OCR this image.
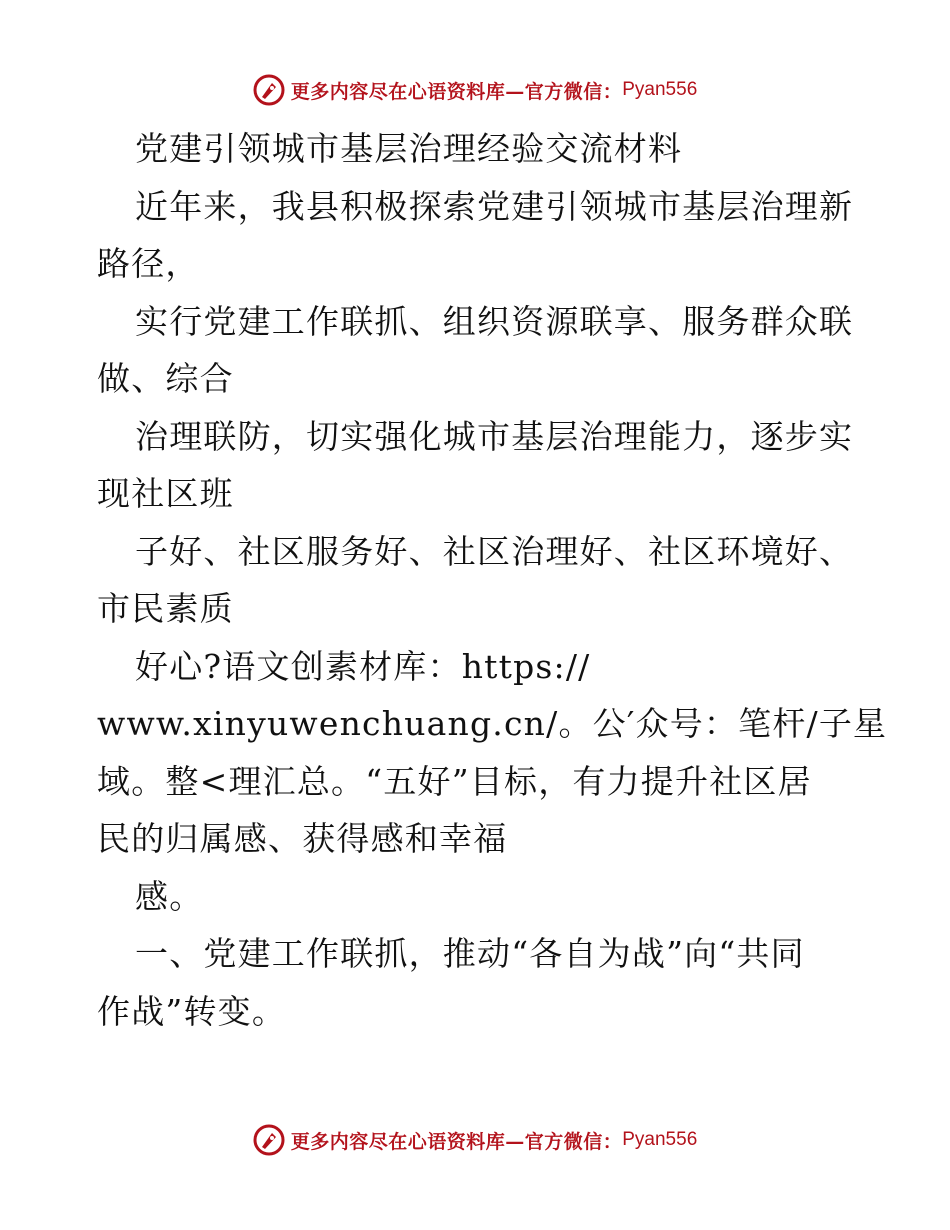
更多内容尽在心语资料库—官方微信： Pyan556
党建引领城市基层治理经验交流材料
近年来，我县积极探索党建引领城市基层治理新
路径，
实行党建工作联抓、组织资源联享、服务群众联
做、综合
治理联防，切实强化城市基层治理能力，逐步实
现社区班
子好、社区服务好、社区治理好、社区环境好、
市民素质
好心?语文创素材库：https://
www.xinyuwenchuang.cn/。公′众号：笔杆/子星
域。整<理汇总。“五好”目标，有力提升社区居
民的归属感、获得感和幸福
感。
一、党建工作联抓，推动“各自为战”向“共同
作战”转变。
更多内容尽在心语资料库—官方微信： Pyan556
